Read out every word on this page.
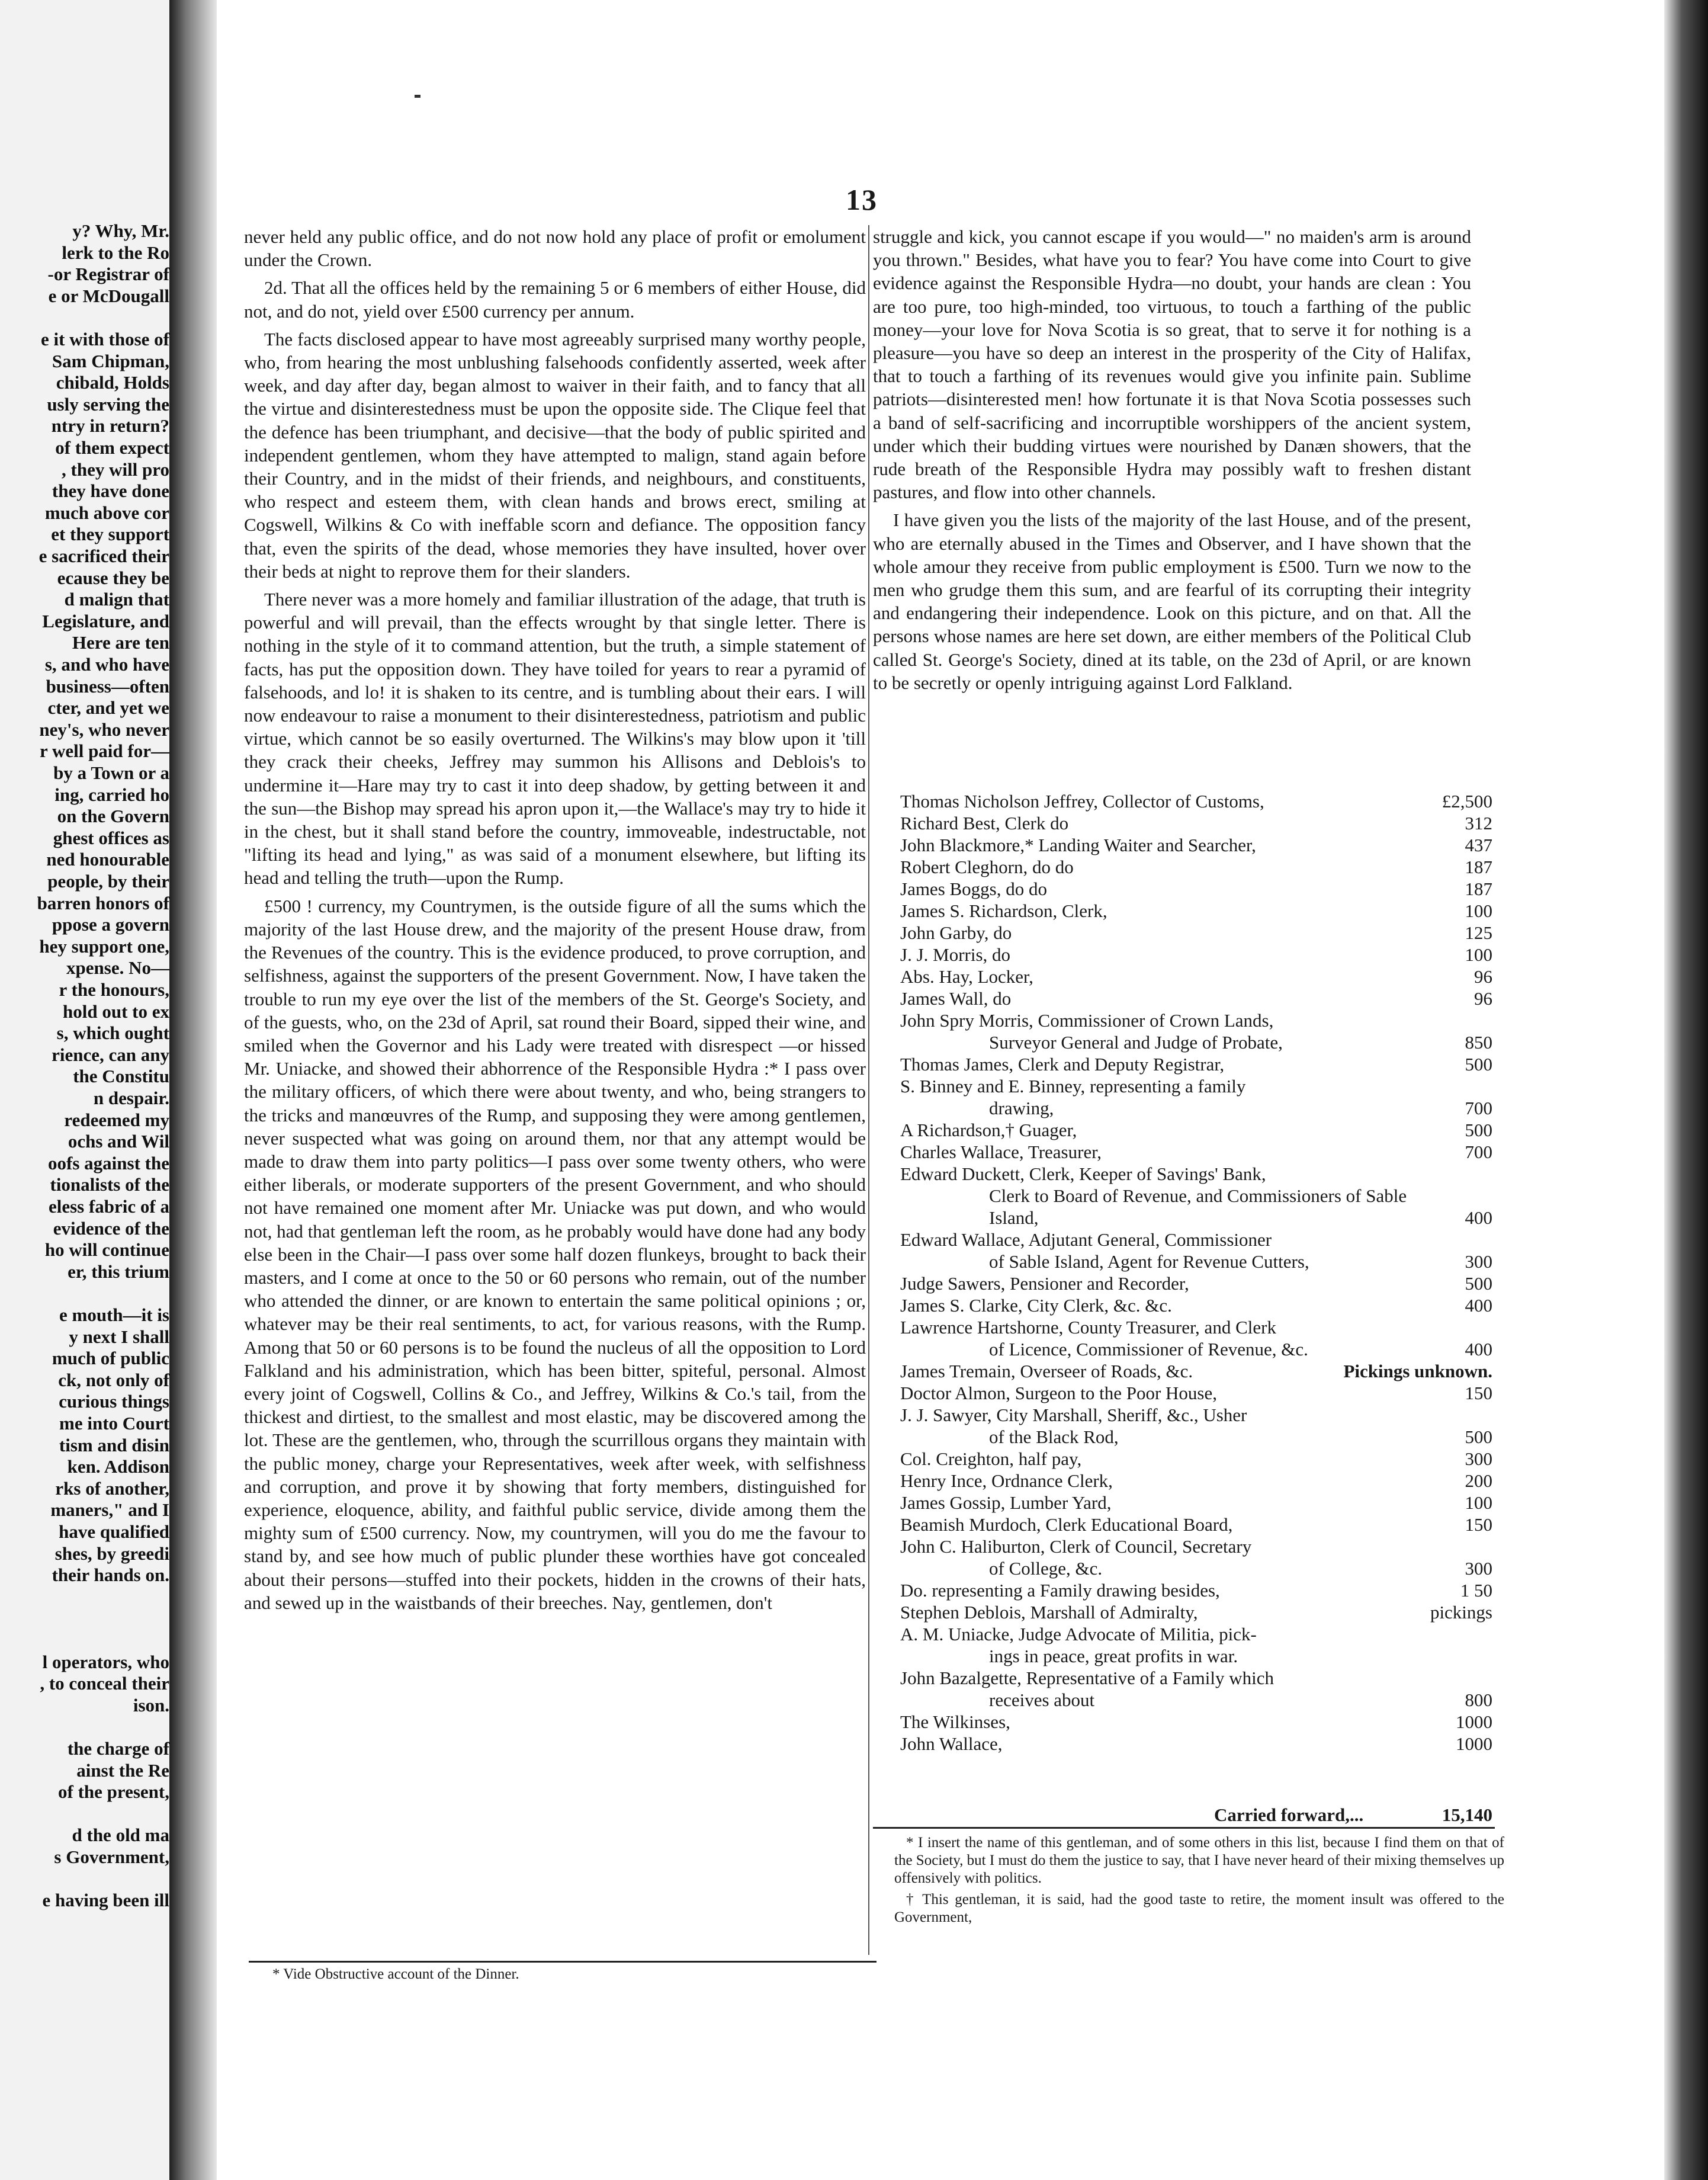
y? Why, Mr.
lerk to the Ro
-or Registrar of
e or McDougall
e it with those of
Sam Chipman,
chibald, Holds
usly serving the
ntry in return?
of them expect
, they will pro
they have done
much above cor
et they support
e sacrificed their
ecause they be
d malign that
Legislature, and
Here are ten
s, and who have
business—often
cter, and yet we
ney's, who never
r well paid for—
by a Town or a
ing, carried ho
on the Govern
ghest offices as
ned honourable
people, by their
barren honors of
ppose a govern
hey support one,
xpense. No—
r the honours,
hold out to ex
s, which ought
rience, can any
the Constitu
n despair.
redeemed my
ochs and Wil
oofs against the
tionalists of the
eless fabric of a
evidence of the
ho will continue
er, this trium
e mouth—it is
y next I shall
much of public
ck, not only of
curious things
me into Court
tism and disin
ken. Addison
rks of another,
maners," and I
have qualified
shes, by greedi
their hands on.
l operators, who
, to conceal their
ison.
the charge of
ainst the Re
of the present,
d the old ma
s Government,
e having been ill
13

never held any public office, and do not now hold any place of profit or emolument under the Crown.

2d. That all the offices held by the remaining 5 or 6 members of either House, did not, and do not, yield over £500 currency per annum.

The facts disclosed appear to have most agreeably surprised many worthy people, who, from hearing the most unblushing falsehoods confidently asserted, week after week, and day after day, began almost to waiver in their faith, and to fancy that all the virtue and disinterestedness must be upon the opposite side. The Clique feel that the defence has been triumphant, and decisive—that the body of public spirited and independent gentlemen, whom they have attempted to malign, stand again before their Country, and in the midst of their friends, and neighbours, and constituents, who respect and esteem them, with clean hands and brows erect, smiling at Cogswell, Wilkins & Co with ineffable scorn and defiance. The opposition fancy that, even the spirits of the dead, whose memories they have insulted, hover over their beds at night to reprove them for their slanders.

There never was a more homely and familiar illustration of the adage, that truth is powerful and will prevail, than the effects wrought by that single letter. There is nothing in the style of it to command attention, but the truth, a simple statement of facts, has put the opposition down. They have toiled for years to rear a pyramid of falsehoods, and lo! it is shaken to its centre, and is tumbling about their ears. I will now endeavour to raise a monument to their disinterestedness, patriotism and public virtue, which cannot be so easily overturned. The Wilkins's may blow upon it 'till they crack their cheeks, Jeffrey may summon his Allisons and Deblois's to undermine it—Hare may try to cast it into deep shadow, by getting between it and the sun—the Bishop may spread his apron upon it,—the Wallace's may try to hide it in the chest, but it shall stand before the country, immoveable, indestructable, not "lifting its head and lying," as was said of a monument elsewhere, but lifting its head and telling the truth—upon the Rump.

£500 ! currency, my Countrymen, is the outside figure of all the sums which the majority of the last House drew, and the majority of the present House draw, from the Revenues of the country. This is the evidence produced, to prove corruption, and selfishness, against the supporters of the present Government. Now, I have taken the trouble to run my eye over the list of the members of the St. George's Society, and of the guests, who, on the 23d of April, sat round their Board, sipped their wine, and smiled when the Governor and his Lady were treated with disrespect —or hissed Mr. Uniacke, and showed their abhorrence of the Responsible Hydra :* I pass over the military officers, of which there were about twenty, and who, being strangers to the tricks and manœuvres of the Rump, and supposing they were among gentlemen, never suspected what was going on around them, nor that any attempt would be made to draw them into party politics—I pass over some twenty others, who were either liberals, or moderate supporters of the present Government, and who should not have remained one moment after Mr. Uniacke was put down, and who would not, had that gentleman left the room, as he probably would have done had any body else been in the Chair—I pass over some half dozen flunkeys, brought to back their masters, and I come at once to the 50 or 60 persons who remain, out of the number who attended the dinner, or are known to entertain the same political opinions ; or, whatever may be their real sentiments, to act, for various reasons, with the Rump. Among that 50 or 60 persons is to be found the nucleus of all the opposition to Lord Falkland and his administration, which has been bitter, spiteful, personal. Almost every joint of Cogswell, Collins & Co., and Jeffrey, Wilkins & Co.'s tail, from the thickest and dirtiest, to the smallest and most elastic, may be discovered among the lot. These are the gentlemen, who, through the scurrillous organs they maintain with the public money, charge your Representatives, week after week, with selfishness and corruption, and prove it by showing that forty members, distinguished for experience, eloquence, ability, and faithful public service, divide among them the mighty sum of £500 currency. Now, my countrymen, will you do me the favour to stand by, and see how much of public plunder these worthies have got concealed about their persons—stuffed into their pockets, hidden in the crowns of their hats, and sewed up in the waistbands of their breeches. Nay, gentlemen, don't

struggle and kick, you cannot escape if you would—" no maiden's arm is around you thrown." Besides, what have you to fear? You have come into Court to give evidence against the Responsible Hydra—no doubt, your hands are clean : You are too pure, too high-minded, too virtuous, to touch a farthing of the public money—your love for Nova Scotia is so great, that to serve it for nothing is a pleasure—you have so deep an interest in the prosperity of the City of Halifax, that to touch a farthing of its revenues would give you infinite pain. Sublime patriots—disinterested men! how fortunate it is that Nova Scotia possesses such a band of self-sacrificing and incorruptible worshippers of the ancient system, under which their budding virtues were nourished by Danæn showers, that the rude breath of the Responsible Hydra may possibly waft to freshen distant pastures, and flow into other channels.

I have given you the lists of the majority of the last House, and of the present, who are eternally abused in the Times and Observer, and I have shown that the whole amour they receive from public employment is £500. Turn we now to the men who grudge them this sum, and are fearful of its corrupting their integrity and endangering their independence. Look on this picture, and on that. All the persons whose names are here set down, are either members of the Political Club called St. George's Society, dined at its table, on the 23d of April, or are known to be secretly or openly intriguing against Lord Falkland.

Thomas Nicholson Jeffrey, Collector of Customs,	£2,500
Richard Best, Clerk do	312
John Blackmore,* Landing Waiter and Searcher,	437
Robert Cleghorn, do do	187
James Boggs, do do	187
James S. Richardson, Clerk,	100
John Garby, do	125
J. J. Morris, do	100
Abs. Hay, Locker,	96
James Wall, do	96
John Spry Morris, Commissioner of Crown Lands,
Surveyor General and Judge of Probate,	850
Thomas James, Clerk and Deputy Registrar,	500
S. Binney and E. Binney, representing a family
drawing,	700
A Richardson,† Guager,	500
Charles Wallace, Treasurer,	700
Edward Duckett, Clerk, Keeper of Savings' Bank,
Clerk to Board of Revenue, and Commissioners of Sable Island,	400
Edward Wallace, Adjutant General, Commissioner
of Sable Island, Agent for Revenue Cutters,	300
Judge Sawers, Pensioner and Recorder,	500
James S. Clarke, City Clerk, &c. &c.	400
Lawrence Hartshorne, County Treasurer, and Clerk
of Licence, Commissioner of Revenue, &c.	400
James Tremain, Overseer of Roads, &c.	Pickings unknown.
Doctor Almon, Surgeon to the Poor House,	150
J. J. Sawyer, City Marshall, Sheriff, &c., Usher
of the Black Rod,	500
Col. Creighton, half pay,	300
Henry Ince, Ordnance Clerk,	200
James Gossip, Lumber Yard,	100
Beamish Murdoch, Clerk Educational Board,	150
John C. Haliburton, Clerk of Council, Secretary
of College, &c.	300
Do. representing a Family drawing besides,	1 50
Stephen Deblois, Marshall of Admiralty,	pickings
A. M. Uniacke, Judge Advocate of Militia, pick-
ings in peace, great profits in war.
John Bazalgette, Representative of a Family which
receives about	800
The Wilkinses,	1000
John Wallace,	1000
Carried forward,...	15,140

* I insert the name of this gentleman, and of some others in this list, because I find them on that of the Society, but I must do them the justice to say, that I have never heard of their mixing themselves up offensively with politics.

† This gentleman, it is said, had the good taste to retire, the moment insult was offered to the Government,

* Vide Obstructive account of the Dinner.
